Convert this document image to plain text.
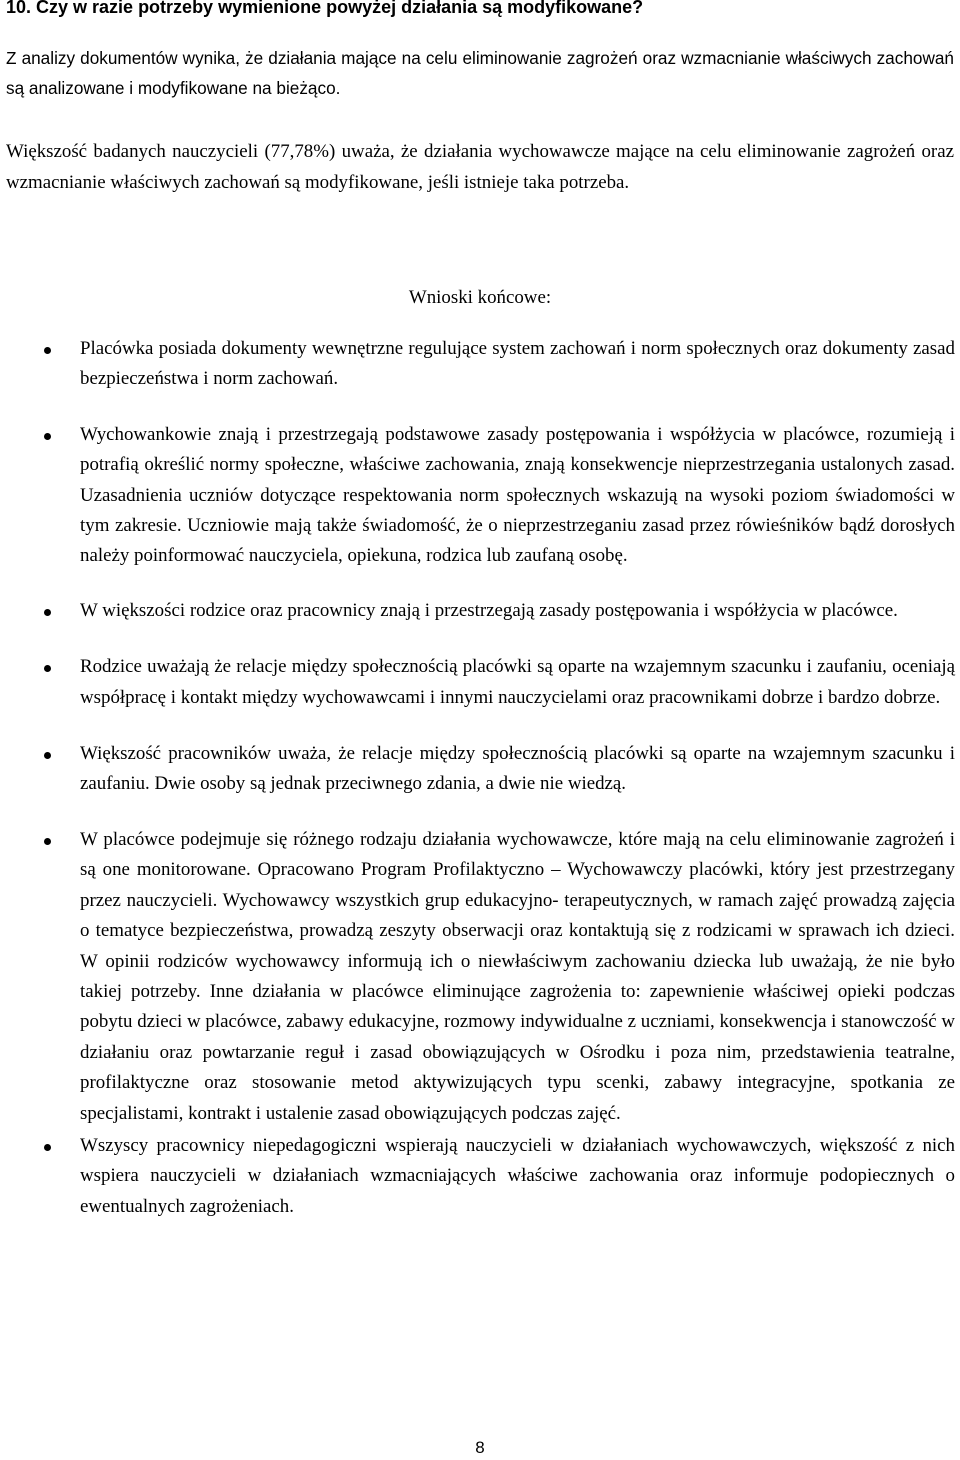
10. Czy w razie potrzeby wymienione powyżej działania są modyfikowane?
Z analizy dokumentów wynika, że działania mające na celu eliminowanie zagrożeń oraz wzmacnianie właściwych zachowań są analizowane i modyfikowane na bieżąco.
Większość badanych nauczycieli (77,78%) uważa, że działania wychowawcze mające na celu eliminowanie zagrożeń oraz wzmacnianie właściwych zachowań są modyfikowane, jeśli istnieje taka potrzeba.
Wnioski końcowe:
Placówka posiada dokumenty wewnętrzne regulujące system zachowań i norm społecznych oraz dokumenty zasad bezpieczeństwa i norm zachowań.
Wychowankowie znają i przestrzegają podstawowe zasady postępowania i współżycia w placówce, rozumieją i potrafią określić normy społeczne, właściwe zachowania, znają konsekwencje nieprzestrzegania ustalonych zasad. Uzasadnienia uczniów dotyczące respektowania norm społecznych wskazują na wysoki poziom świadomości w tym zakresie. Uczniowie mają także świadomość, że o nieprzestrzeganiu zasad przez rówieśników bądź dorosłych należy poinformować nauczyciela, opiekuna, rodzica lub zaufaną osobę.
W większości rodzice oraz pracownicy znają i przestrzegają zasady postępowania i współżycia w placówce.
Rodzice uważają że relacje między społecznością placówki są oparte na wzajemnym szacunku i zaufaniu, oceniają współpracę i kontakt między wychowawcami i innymi nauczycielami oraz pracownikami dobrze i bardzo dobrze.
Większość pracowników uważa, że relacje między społecznością placówki są oparte na wzajemnym szacunku i zaufaniu. Dwie osoby są jednak przeciwnego zdania, a dwie nie wiedzą.
W placówce podejmuje się różnego rodzaju działania wychowawcze, które mają na celu eliminowanie zagrożeń i są one monitorowane. Opracowano Program Profilaktyczno – Wychowawczy placówki, który jest przestrzegany przez nauczycieli. Wychowawcy wszystkich grup edukacyjno- terapeutycznych, w ramach zajęć prowadzą zajęcia o tematyce bezpieczeństwa, prowadzą zeszyty obserwacji oraz kontaktują się z rodzicami w sprawach ich dzieci. W opinii rodziców wychowawcy informują ich o niewłaściwym zachowaniu dziecka lub uważają, że nie było takiej potrzeby. Inne działania w placówce eliminujące zagrożenia to: zapewnienie właściwej opieki podczas pobytu dzieci w placówce, zabawy edukacyjne, rozmowy indywidualne z uczniami, konsekwencja i stanowczość w działaniu oraz powtarzanie reguł i zasad obowiązujących w Ośrodku i poza nim, przedstawienia teatralne, profilaktyczne oraz stosowanie metod aktywizujących typu scenki, zabawy integracyjne, spotkania ze specjalistami, kontrakt i ustalenie zasad obowiązujących podczas zajęć.
Wszyscy pracownicy niepedagogiczni wspierają nauczycieli w działaniach wychowawczych, większość z nich wspiera nauczycieli w działaniach wzmacniających właściwe zachowania oraz informuje podopiecznych o ewentualnych zagrożeniach.
8
